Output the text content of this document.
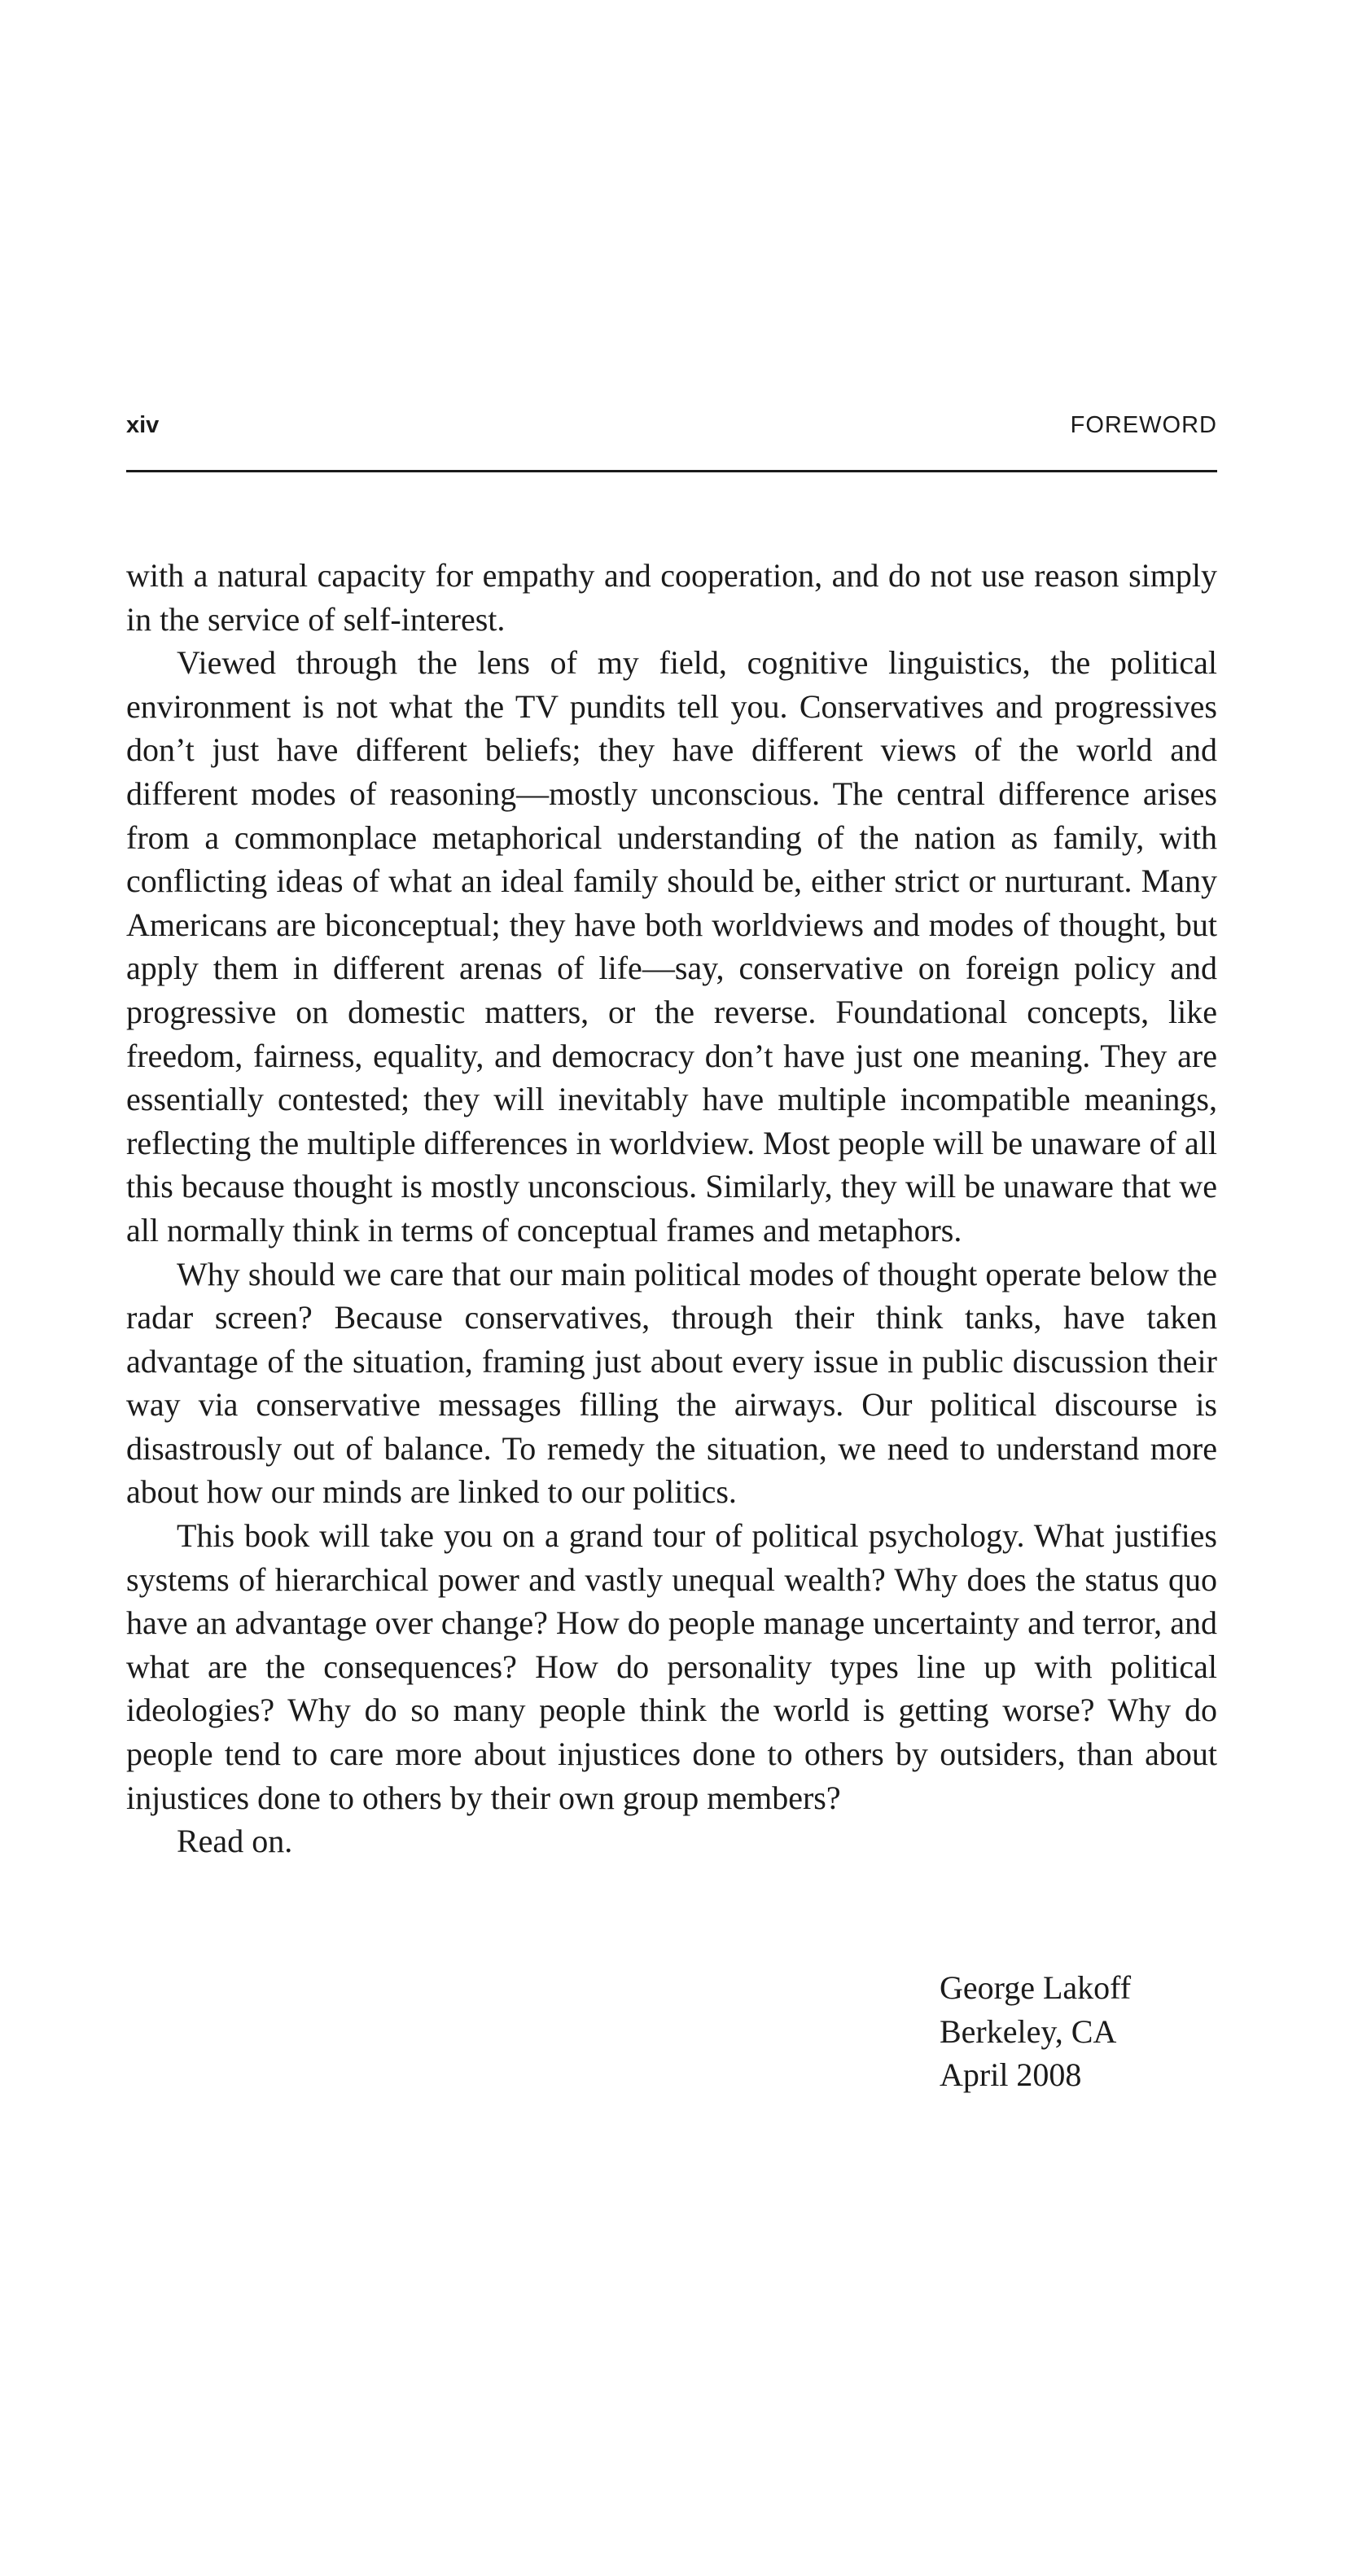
xiv	FOREWORD

with a natural capacity for empathy and cooperation, and do not use reason simply in the service of self-interest.

Viewed through the lens of my field, cognitive linguistics, the political environment is not what the TV pundits tell you. Conservatives and progressives don’t just have different beliefs; they have different views of the world and different modes of reasoning—mostly unconscious. The central difference arises from a commonplace metaphorical understanding of the nation as family, with conflicting ideas of what an ideal family should be, either strict or nurturant. Many Americans are biconceptual; they have both worldviews and modes of thought, but apply them in different arenas of life—say, conservative on foreign policy and progressive on domestic matters, or the reverse. Foundational concepts, like freedom, fairness, equality, and democracy don’t have just one meaning. They are essentially contested; they will inevitably have multiple incompatible meanings, reflecting the multiple differences in worldview. Most people will be unaware of all this because thought is mostly unconscious. Similarly, they will be unaware that we all normally think in terms of conceptual frames and metaphors.

Why should we care that our main political modes of thought operate below the radar screen? Because conservatives, through their think tanks, have taken advantage of the situation, framing just about every issue in public discussion their way via conservative messages filling the airways. Our political discourse is disastrously out of balance. To remedy the situation, we need to understand more about how our minds are linked to our politics.

This book will take you on a grand tour of political psychology. What justifies systems of hierarchical power and vastly unequal wealth? Why does the status quo have an advantage over change? How do people manage uncertainty and terror, and what are the consequences? How do personality types line up with political ideologies? Why do so many people think the world is getting worse? Why do people tend to care more about injustices done to others by outsiders, than about injustices done to others by their own group members?

Read on.

George Lakoff
Berkeley, CA
April 2008
